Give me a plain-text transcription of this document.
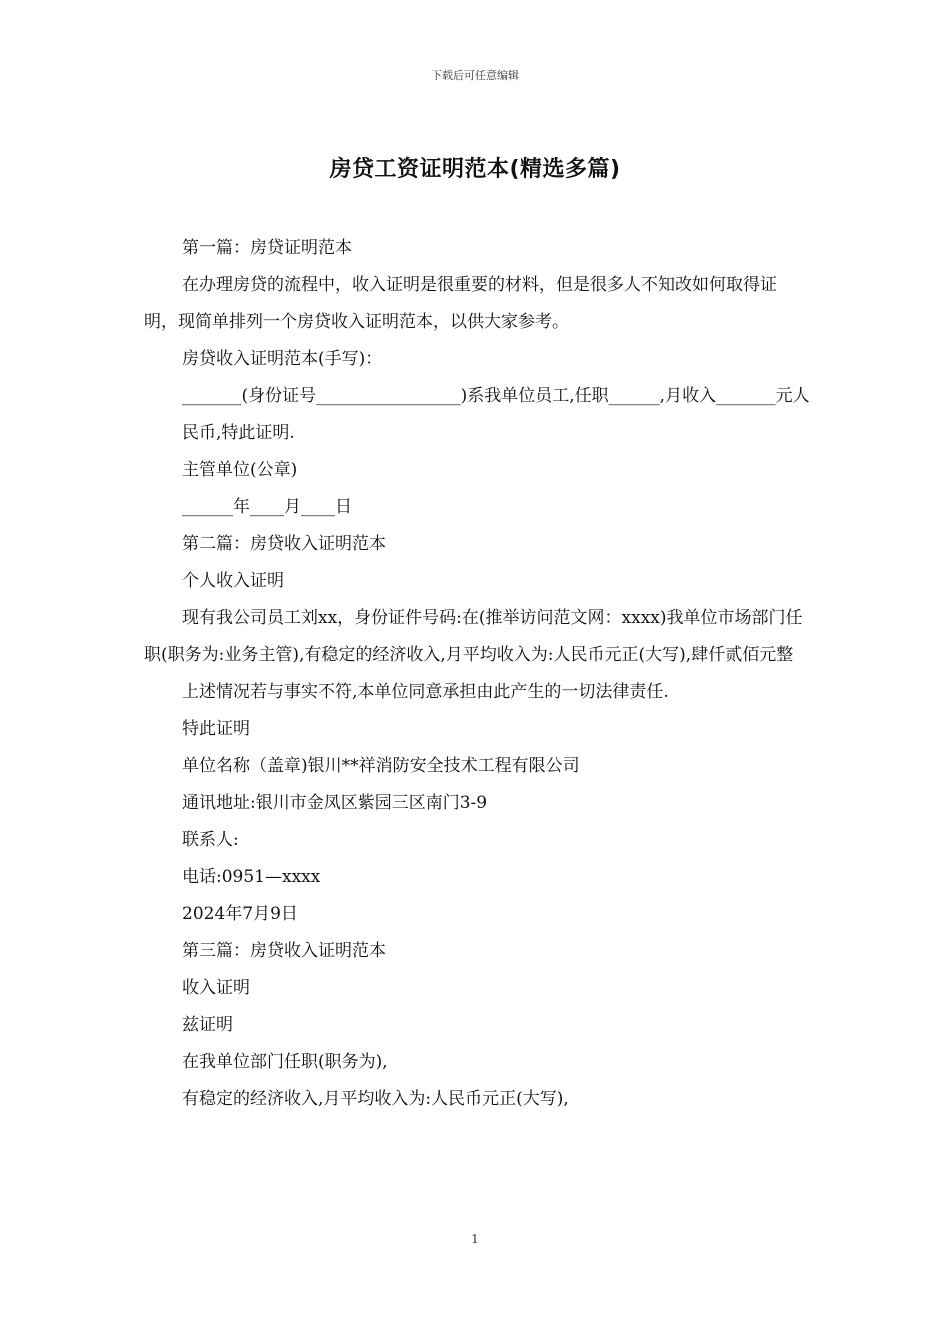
下载后可任意编辑
房贷工资证明范本(精选多篇)

第一篇：房贷证明范本

在办理房贷的流程中，收入证明是很重要的材料，但是很多人不知改如何取得证明，现简单排列一个房贷收入证明范本，以供大家参考。

房贷收入证明范本(手写)：

_______(身份证号_________________)系我单位员工,任职______,月收入_______元人

民币,特此证明.

主管单位(公章)

______年____月____日

第二篇：房贷收入证明范本

个人收入证明

现有我公司员工刘xx，身份证件号码:在(推举访问范文网：xxxx)我单位市场部门任职(职务为:业务主管),有稳定的经济收入,月平均收入为:人民币元正(大写),肆仟贰佰元整

上述情况若与事实不符,本单位同意承担由此产生的一切法律责任.

特此证明

单位名称（盖章)银川**祥消防安全技术工程有限公司

通讯地址:银川市金凤区紫园三区南门3-9

联系人:

电话:0951—xxxx

2024年7月9日

第三篇：房贷收入证明范本

收入证明

兹证明

在我单位部门任职(职务为),

有稳定的经济收入,月平均收入为:人民币元正(大写),

1
